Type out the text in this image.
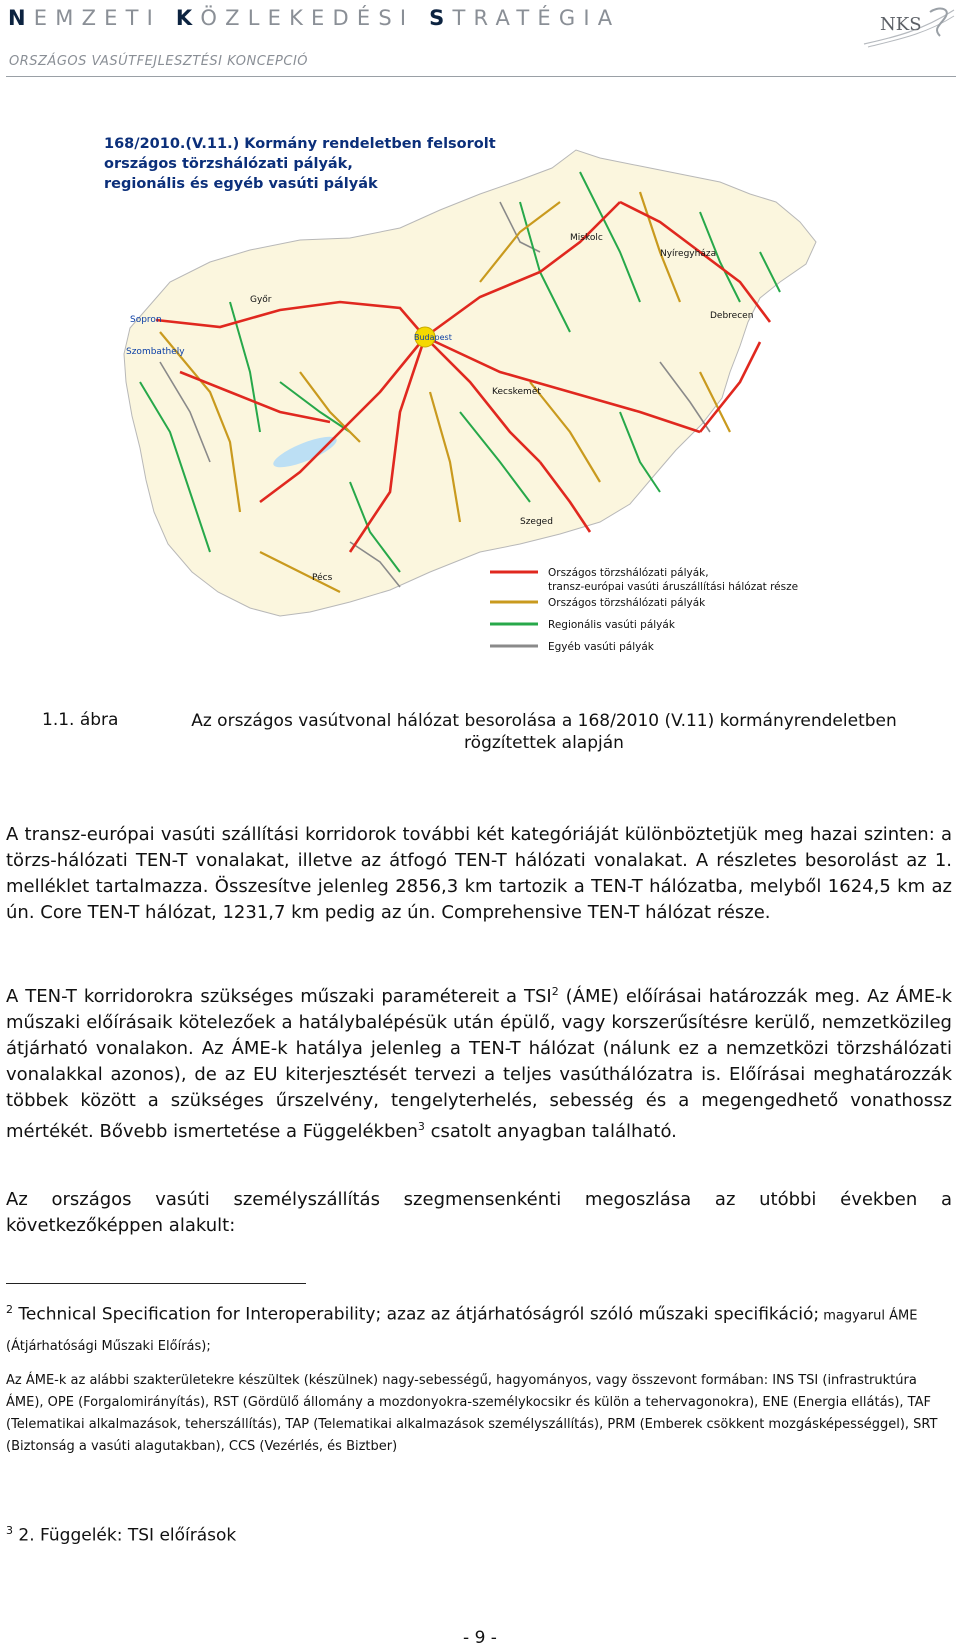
NEMZETI KÖZLEKEDÉSI STRATÉGIA
ORSZÁGOS VASÚTFEJLESZTÉSI KONCEPCIÓ
NKS
Budapest
Miskolc
Debrecen
Szeged
Pécs
Sopron
Szombathely
Győr
Kecskemét
Nyíregyháza
168/2010.(V.11.) Kormány rendeletben felsorolt
országos törzshálózati pályák,
regionális és egyéb vasúti pályák
Országos törzshálózati pályák,
transz-európai vasúti áruszállítási hálózat része
Országos törzshálózati pályák
Regionális vasúti pályák
Egyéb vasúti pályák
1.1. ábra	Az országos vasútvonal hálózat besorolása a 168/2010 (V.11) kormányrendeletben rögzítettek alapján
A transz-európai vasúti szállítási korridorok további két kategóriáját különböztetjük meg hazai szinten: a törzs-hálózati TEN-T vonalakat, illetve az átfogó TEN-T hálózati vonalakat. A részletes besorolást az 1. melléklet tartalmazza. Összesítve jelenleg 2856,3 km tartozik a TEN-T hálózatba, melyből 1624,5 km az ún. Core TEN-T hálózat, 1231,7 km pedig az ún. Comprehensive TEN-T hálózat része.
A TEN-T korridorokra szükséges műszaki paramétereit a TSI$^2$ (ÁME) előírásai határozzák meg. Az ÁME-k műszaki előírásaik kötelezőek a hatálybalépésük után épülő, vagy korszerűsítésre kerülő, nemzetközileg átjárható vonalakon. Az ÁME-k hatálya jelenleg a TEN-T hálózat (nálunk ez a nemzetközi törzshálózati vonalakkal azonos), de az EU kiterjesztését tervezi a teljes vasúthálózatra is. Előírásai meghatározzák többek között a szükséges űrszelvény, tengelyterhelés, sebesség és a megengedhető vonathossz mértékét. Bővebb ismertetése a Függelékben$^3$ csatolt anyagban található.
Az országos vasúti személyszállítás szegmensenkénti megoszlása az utóbbi években a következőképpen alakult:
$^2$ Technical Specification for Interoperability; azaz az átjárhatóságról szóló műszaki specifikáció; magyarul ÁME (Átjárhatósági Műszaki Előírás);
Az ÁME-k az alábbi szakterületekre készültek (készülnek) nagy-sebességű, hagyományos, vagy összevont formában: INS TSI (infrastruktúra ÁME), OPE (Forgalomirányítás), RST (Gördülő állomány a mozdonyokra-személykocsikr és külön a tehervagonokra), ENE (Energia ellátás), TAF (Telematikai alkalmazások, teherszállítás), TAP (Telematikai alkalmazások személyszállítás), PRM (Emberek csökkent mozgásképességgel), SRT (Biztonság a vasúti alagutakban), CCS (Vezérlés, és Biztber)
$^3$ 2. Függelék: TSI előírások
- 9 -
